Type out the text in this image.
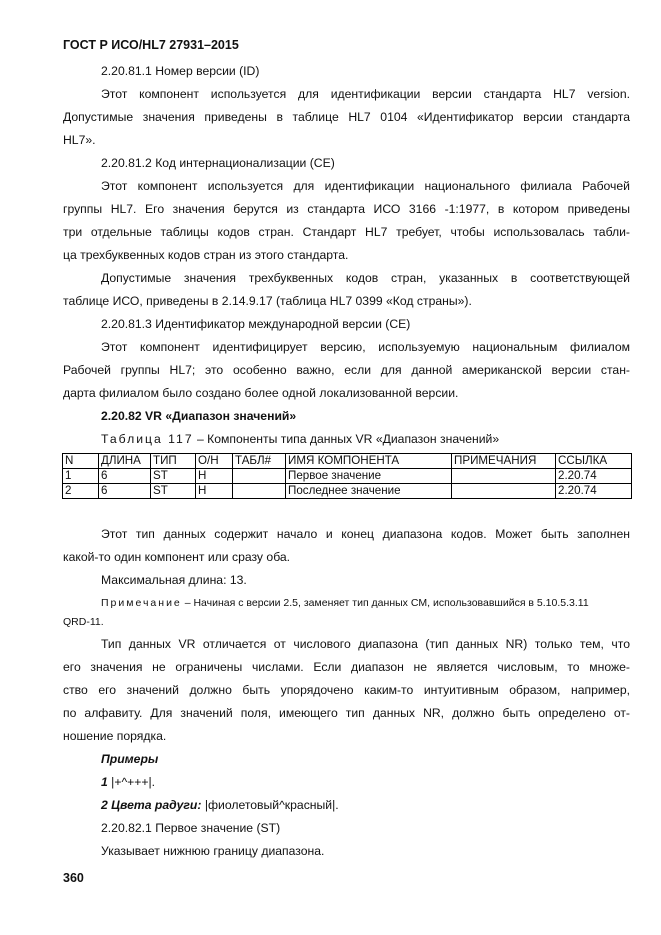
ГОСТ Р ИСО/HL7 27931–2015
2.20.81.1 Номер версии (ID)
Этот компонент используется для идентификации версии стандарта HL7 version.
Допустимые значения приведены в таблице HL7 0104 «Идентификатор версии стандарта
HL7».
2.20.81.2 Код интернационализации (CE)
Этот компонент используется для идентификации национального филиала Рабочей
группы HL7. Его значения берутся из стандарта ИСО 3166 -1:1977, в котором приведены
три отдельные таблицы кодов стран. Стандарт HL7 требует, чтобы использовалась табли-
ца трехбуквенных кодов стран из этого стандарта.
Допустимые значения трехбуквенных кодов стран, указанных в соответствующей
таблице ИСО, приведены в 2.14.9.17 (таблица HL7 0399 «Код страны»).
2.20.81.3 Идентификатор международной версии (CE)
Этот компонент идентифицирует версию, используемую национальным филиалом
Рабочей группы HL7; это особенно важно, если для данной американской версии стан-
дарта филиалом было создано более одной локализованной версии.
2.20.82 VR «Диапазон значений»
Таблица 117 – Компоненты типа данных VR «Диапазон значений»
N	ДЛИНА	ТИП	О/Н	ТАБЛ#	ИМЯ КОМПОНЕНТА	ПРИМЕЧАНИЯ	ССЫЛКА
1	6	ST	Н		Первое значение		2.20.74
2	6	ST	Н		Последнее значение		2.20.74
Этот тип данных содержит начало и конец диапазона кодов. Может быть заполнен
какой-то один компонент или сразу оба.
Максимальная длина: 13.
Примечание – Начиная с версии 2.5, заменяет тип данных CM, использовавшийся в 5.10.5.3.11
QRD-11.
Тип данных VR отличается от числового диапазона (тип данных NR) только тем, что
его значения не ограничены числами. Если диапазон не является числовым, то множе-
ство его значений должно быть упорядочено каким-то интуитивным образом, например,
по алфавиту. Для значений поля, имеющего тип данных NR, должно быть определено от-
ношение порядка.
Примеры
1 |+^+++|.
2 Цвета радуги: |фиолетовый^красный|.
2.20.82.1 Первое значение (ST)
Указывает нижнюю границу диапазона.
360
